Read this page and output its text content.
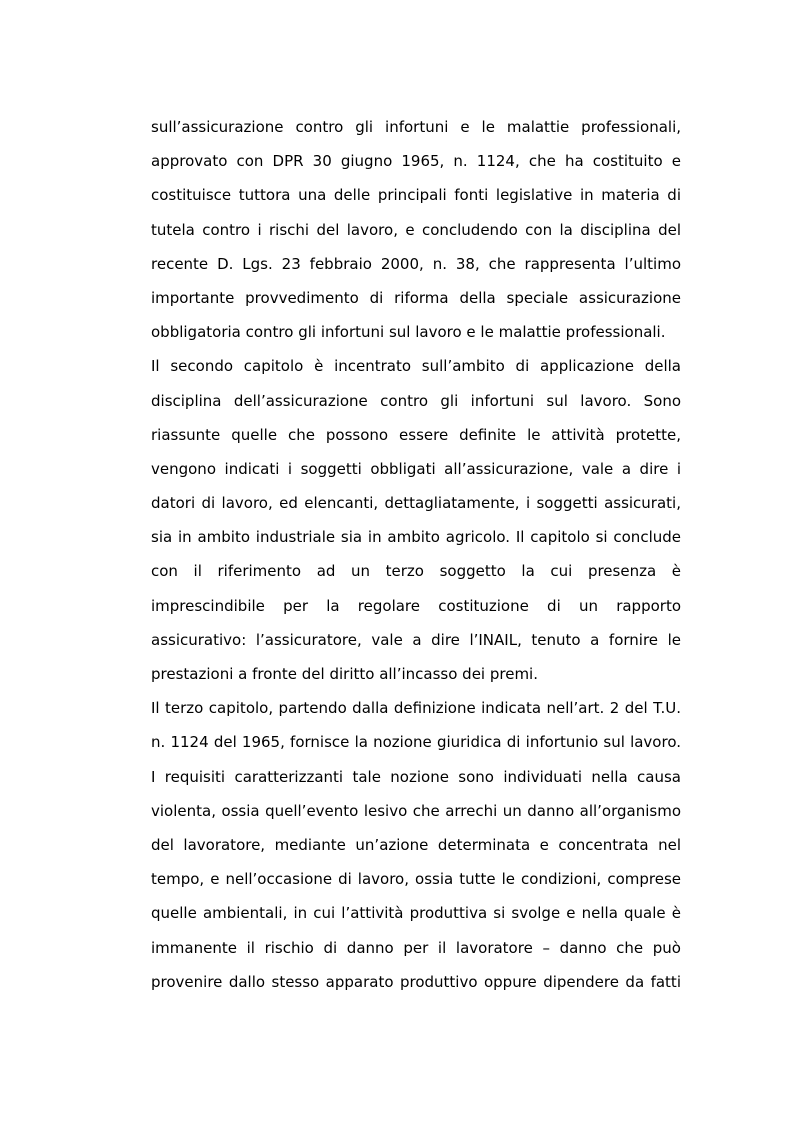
sull’assicurazione contro gli infortuni e le malattie professionali,
approvato con DPR 30 giugno 1965, n. 1124, che ha costituito e
costituisce tuttora una delle principali fonti legislative in materia di
tutela contro i rischi del lavoro, e concludendo con la disciplina del
recente D. Lgs. 23 febbraio 2000, n. 38, che rappresenta l’ultimo
importante provvedimento di riforma della speciale assicurazione
obbligatoria contro gli infortuni sul lavoro e le malattie professionali.
Il secondo capitolo è incentrato sull’ambito di applicazione della
disciplina dell’assicurazione contro gli infortuni sul lavoro. Sono
riassunte quelle che possono essere definite le attività protette,
vengono indicati i soggetti obbligati all’assicurazione, vale a dire i
datori di lavoro, ed elencanti, dettagliatamente, i soggetti assicurati,
sia in ambito industriale sia in ambito agricolo. Il capitolo si conclude
con il riferimento ad un terzo soggetto la cui presenza è
imprescindibile per la regolare costituzione di un rapporto
assicurativo: l’assicuratore, vale a dire l’INAIL, tenuto a fornire le
prestazioni a fronte del diritto all’incasso dei premi.
Il terzo capitolo, partendo dalla definizione indicata nell’art. 2 del T.U.
n. 1124 del 1965, fornisce la nozione giuridica di infortunio sul lavoro.
I requisiti caratterizzanti tale nozione sono individuati nella causa
violenta, ossia quell’evento lesivo che arrechi un danno all’organismo
del lavoratore, mediante un’azione determinata e concentrata nel
tempo, e nell’occasione di lavoro, ossia tutte le condizioni, comprese
quelle ambientali, in cui l’attività produttiva si svolge e nella quale è
immanente il rischio di danno per il lavoratore – danno che può
provenire dallo stesso apparato produttivo oppure dipendere da fatti
